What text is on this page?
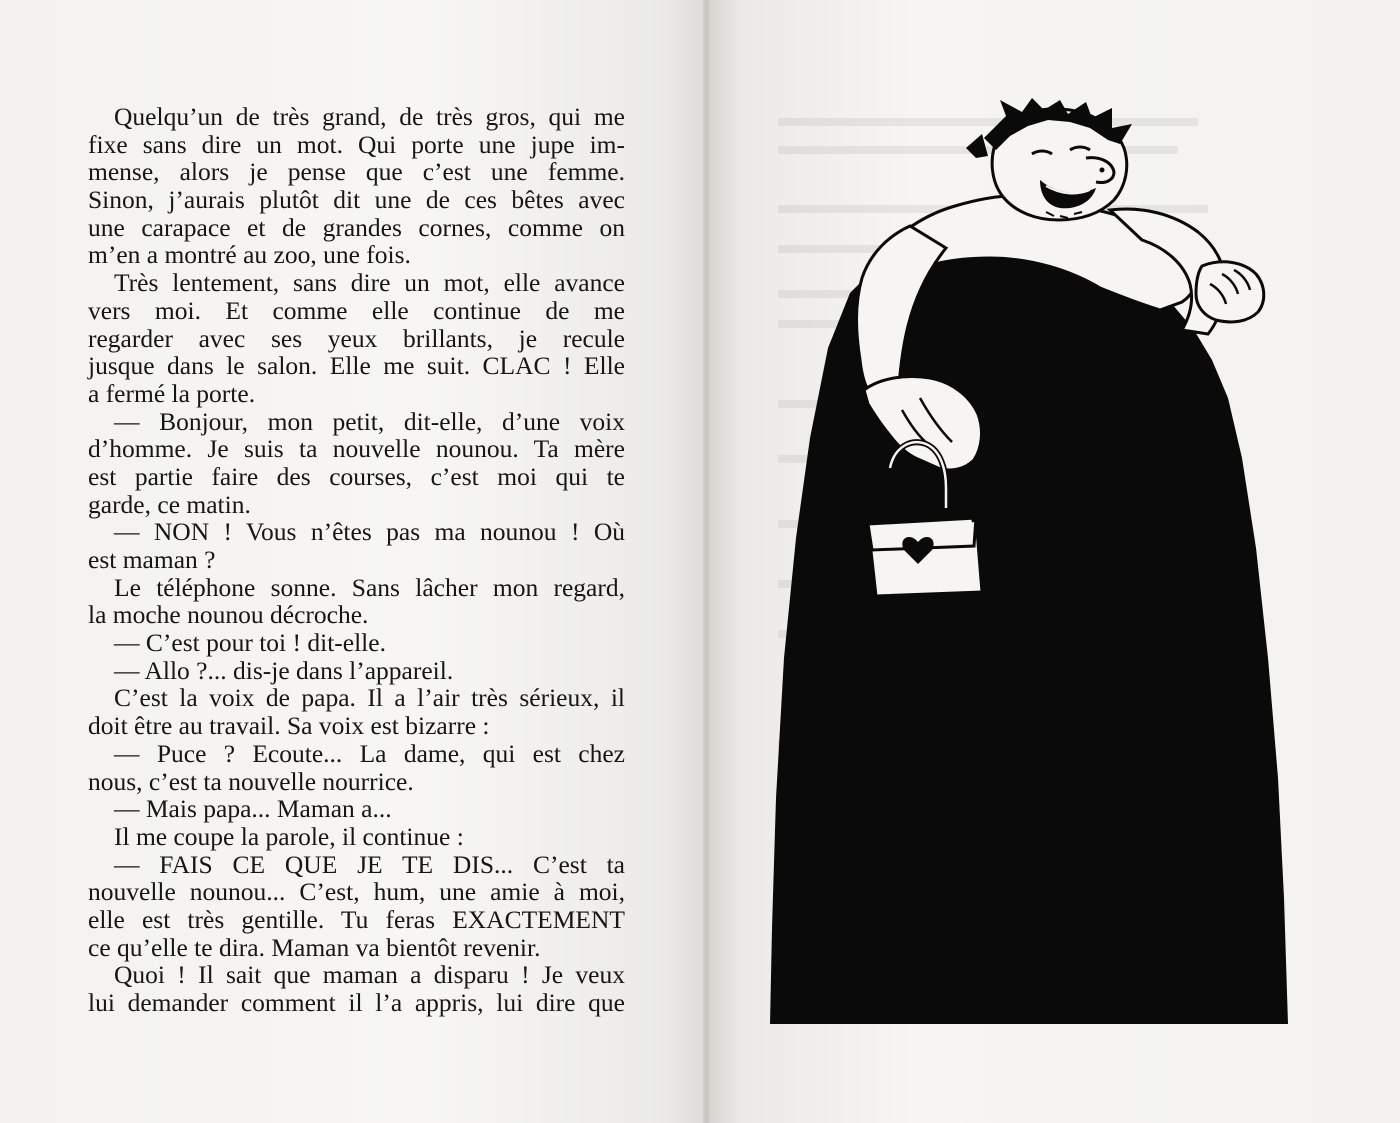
Quelqu’un de très grand, de très gros, qui me
fixe sans dire un mot. Qui porte une jupe im-
mense, alors je pense que c’est une femme.
Sinon, j’aurais plutôt dit une de ces bêtes avec
une carapace et de grandes cornes, comme on
m’en a montré au zoo, une fois.
Très lentement, sans dire un mot, elle avance
vers moi. Et comme elle continue de me
regarder avec ses yeux brillants, je recule
jusque dans le salon. Elle me suit. CLAC ! Elle
a fermé la porte.
— Bonjour, mon petit, dit-elle, d’une voix
d’homme. Je suis ta nouvelle nounou. Ta mère
est partie faire des courses, c’est moi qui te
garde, ce matin.
— NON ! Vous n’êtes pas ma nounou ! Où
est maman ?
Le téléphone sonne. Sans lâcher mon regard,
la moche nounou décroche.
— C’est pour toi ! dit-elle.
— Allo ?... dis-je dans l’appareil.
C’est la voix de papa. Il a l’air très sérieux, il
doit être au travail. Sa voix est bizarre :
— Puce ? Ecoute... La dame, qui est chez
nous, c’est ta nouvelle nourrice.
— Mais papa... Maman a...
Il me coupe la parole, il continue :
— FAIS CE QUE JE TE DIS... C’est ta
nouvelle nounou... C’est, hum, une amie à moi,
elle est très gentille. Tu feras EXACTEMENT
ce qu’elle te dira. Maman va bientôt revenir.
Quoi ! Il sait que maman a disparu ! Je veux
lui demander comment il l’a appris, lui dire que
